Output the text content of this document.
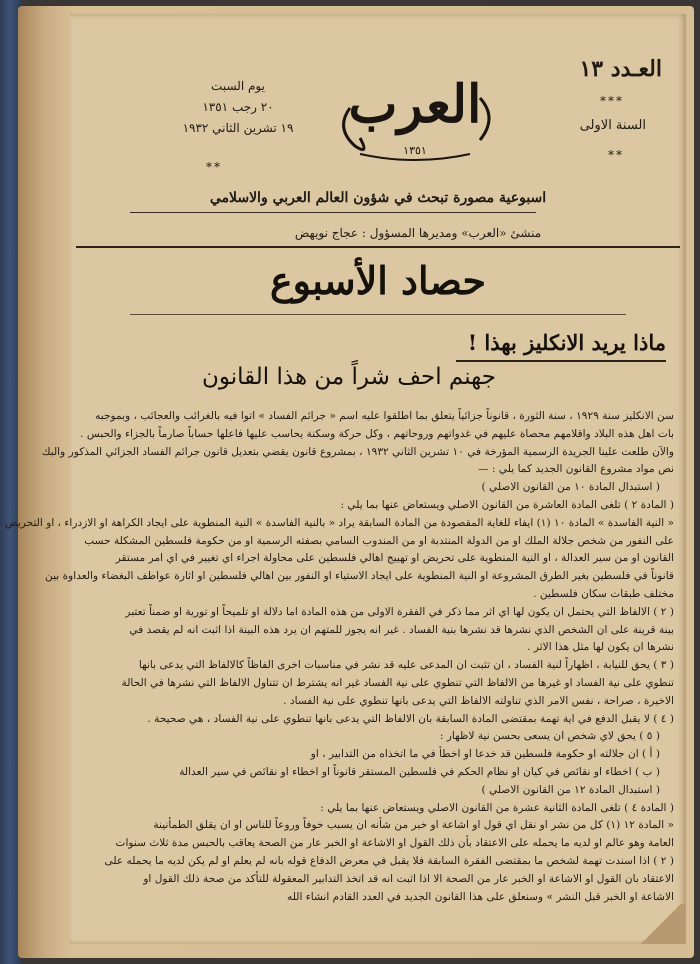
العـدد ١٣
***
السنة الاولى
**
يوم السبت
٢٠ رجب ١٣٥١
١٩ تشرين الثاني ١٩٣٢
**
العرب
١٣٥١
اسبوعية مصورة تبحث في شؤون العالم العربي والاسلامي
منشئ «العرب» ومديرها المسؤول : عجاج نويهض
حصاد الأسبوع
ماذا يريد الانكليز بهذا !
جهنم احف شراً من هذا القانون

سن الانكليز سنة ١٩٢٩ ، سنة الثورة ، قانوناً جزائياً يتعلق بما اطلقوا عليه اسم « جرائم الفساد » اتوا فيه بالغرائب والعجائب ، وبموجبه

بات اهل هذه البلاد واقلامهم محصاة عليهم في غدواتهم وروحاتهم ، وكل حركة وسكنة يحاسب عليها فاعلها حساباً صارماً بالجزاء والحبس .

والآن طلعت علينا الجريدة الرسمية المؤرخة في ١٠ تشرين الثاني ١٩٣٢ ، بمشروع قانون يقضي بتعديل قانون جرائم الفساد الجزائي المذكور والبك

نص مواد مشروع القانون الجديد كما يلي : —

( استبدال المادة ١٠ من القانون الاصلي )

( المادة ٢ ) تلغى المادة العاشرة من القانون الاصلي ويستعاض عنها بما يلي :

« النية الفاسدة » المادة ١٠ (١) ايفاء للغاية المقصودة من المادة السابقة يراد « بالنية الفاسدة » النية المنطوية على ايجاد الكراهة او الازدراء ، او التحريض

على النفور من شخص جلالة الملك او من الدولة المنتدبة او من المندوب السامي بصفته الرسمية او من حكومة فلسطين المشكلة حسب

القانون او من سير العدالة ، او النية المنطوية على تحريض او تهييج اهالي فلسطين على محاولة اجراء اي تغيير في اي امر مستقر

قانوناً في فلسطين بغير الطرق المشروعة او النية المنطوية على ايجاد الاستياء او النفور بين اهالي فلسطين او اثارة عواطف البغضاء والعداوة بين

مختلف طبقات سكان فلسطين .

( ٢ ) الالفاظ التي يحتمل ان يكون لها اي اثر مما ذكر في الفقرة الاولى من هذه المادة اما دلالة او تلميحاً او تورية او ضمناً تعتبر

بينة قرينة على ان الشخص الذي نشرها قد نشرها بنية الفساد . غير انه يجوز للمتهم ان يرد هذه البينة اذا اثبت انه لم يقصد في

نشرها ان يكون لها مثل هذا الاثر .

( ٣ ) يحق للنيابة ، اظهاراً لنية الفساد ، ان تثبت ان المدعى عليه قد نشر في مناسبات اخرى الفاظاً كالالفاظ التي يدعى بانها

تنطوي على نية الفساد او غيرها من الالفاظ التي تنطوي على نية الفساد غير انه يشترط ان تتناول الالفاظ التي نشرها في الحالة

الاخيرة ، صراحة ، نفس الامر الذي تناولته الالفاظ التي يدعى بانها تنطوي على نية الفساد .

( ٤ ) لا يقبل الدفع في اية تهمة بمقتضى المادة السابقة بان الالفاظ التي يدعى بانها تنطوي على نية الفساد ، هي صحيحة .

( ٥ ) يحق لاي شخص ان يسعى بحسن نية لاظهار :

( أ ) ان جلالته او حكومة فلسطين قد خدعا او اخطأ في ما اتخذاه من التدابير ، او

( ب ) اخطاء او نقائص في كيان او نظام الحكم في فلسطين المستقر قانوناً او اخطاء او نقائص في سير العدالة

( استبدال المادة ١٢ من القانون الاصلي )

( المادة ٤ ) تلغى المادة الثانية عشرة من القانون الاصلي ويستعاض عنها بما يلي :

« المادة ١٢ (١) كل من نشر او نقل اي قول او اشاعة او خبر من شأنه ان يسبب خوفاً وروعاً للناس او ان يقلق الطمأنينة

العامة وهو عالم او لديه ما يحمله على الاعتقاد بأن ذلك القول او الاشاعة او الخبر عار من الصحة يعاقب بالحبس مدة ثلاث سنوات

( ٢ ) اذا اسندت تهمة لشخص ما بمقتضى الفقرة السابقة فلا يقبل في معرض الدفاع قوله بانه لم يعلم او لم يكن لديه ما يحمله على

الاعتقاد بان القول او الاشاعة او الخبر عار من الصحة الا اذا اثبت انه قد اتخذ التدابير المعقولة للتأكد من صحة ذلك القول او

الاشاعة او الخبر قبل النشر » وسنعلق على هذا القانون الجديد في العدد القادم انشاء الله
